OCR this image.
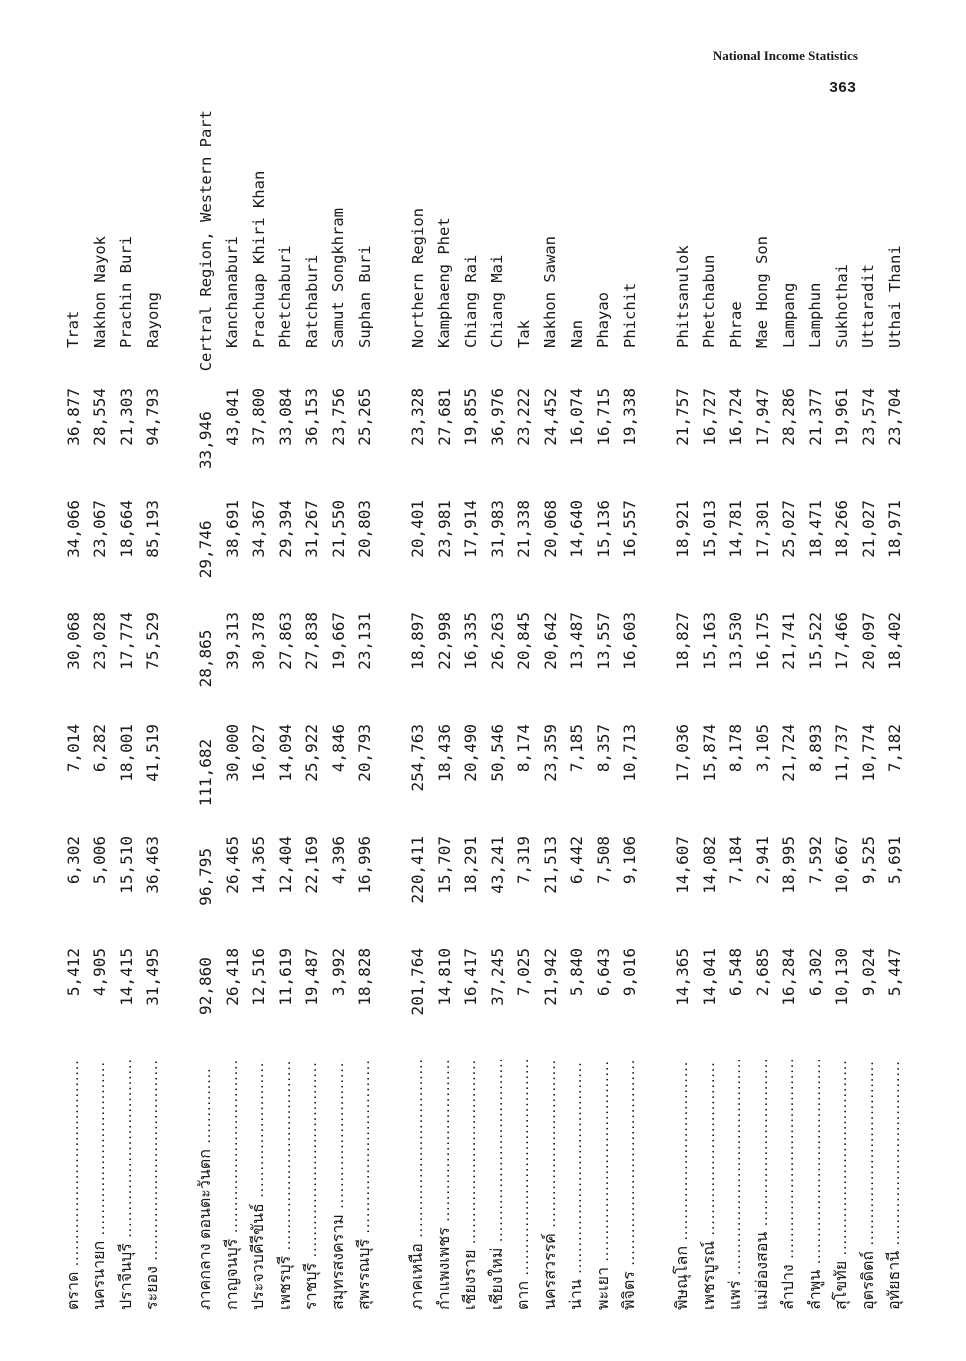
National Income Statistics
363
ตราด .....
5,412
6,302
7,014
30,068
34,066
36,877
Trat
นครนายก .....
4,905
5,006
6,282
23,028
23,067
28,554
Nakhon Nayok
ปราจีนบุรี .....
14,415
15,510
18,001
17,774
18,664
21,303
Prachin Buri
ระยอง .....
31,495
36,463
41,519
75,529
85,193
94,793
Rayong
ภาคกลาง ตอนตะวันตก .....
92,860
96,795
111,682
28,865
29,746
33,946
Certral Region, Western Part
กาญจนบุรี .....
26,418
26,465
30,000
39,313
38,691
43,041
Kanchanaburi
ประจวบคีรีขันธ์ .....
12,516
14,365
16,027
30,378
34,367
37,800
Prachuap Khiri Khan
เพชรบุรี .....
11,619
12,404
14,094
27,863
29,394
33,084
Phetchaburi
ราชบุรี .....
19,487
22,169
25,922
27,838
31,267
36,153
Ratchaburi
สมุทรสงคราม .....
3,992
4,396
4,846
19,667
21,550
23,756
Samut Songkhram
สุพรรณบุรี .....
18,828
16,996
20,793
23,131
20,803
25,265
Suphan Buri
ภาคเหนือ .....
201,764
220,411
254,763
18,897
20,401
23,328
Northern Region
กำแพงเพชร .....
14,810
15,707
18,436
22,998
23,981
27,681
Kamphaeng Phet
เชียงราย .....
16,417
18,291
20,490
16,335
17,914
19,855
Chiang Rai
เชียงใหม่ .....
37,245
43,241
50,546
26,263
31,983
36,976
Chiang Mai
ตาก .....
7,025
7,319
8,174
20,845
21,338
23,222
Tak
นครสวรรค์ .....
21,942
21,513
23,359
20,642
20,068
24,452
Nakhon Sawan
น่าน .....
5,840
6,442
7,185
13,487
14,640
16,074
Nan
พะเยา .....
6,643
7,508
8,357
13,557
15,136
16,715
Phayao
พิจิตร .....
9,016
9,106
10,713
16,603
16,557
19,338
Phichit
พิษณุโลก .....
14,365
14,607
17,036
18,827
18,921
21,757
Phitsanulok
เพชรบูรณ์ .....
14,041
14,082
15,874
15,163
15,013
16,727
Phetchabun
แพร่ .....
6,548
7,184
8,178
13,530
14,781
16,724
Phrae
แม่ฮ่องสอน .....
2,685
2,941
3,105
16,175
17,301
17,947
Mae Hong Son
ลำปาง .....
16,284
18,995
21,724
21,741
25,027
28,286
Lampang
ลำพูน .....
6,302
7,592
8,893
15,522
18,471
21,377
Lamphun
สุโขทัย .....
10,130
10,667
11,737
17,466
18,266
19,961
Sukhothai
อุตรดิตถ์ .....
9,024
9,525
10,774
20,097
21,027
23,574
Uttaradit
อุทัยธานี .....
5,447
5,691
7,182
18,402
18,971
23,704
Uthai Thani
